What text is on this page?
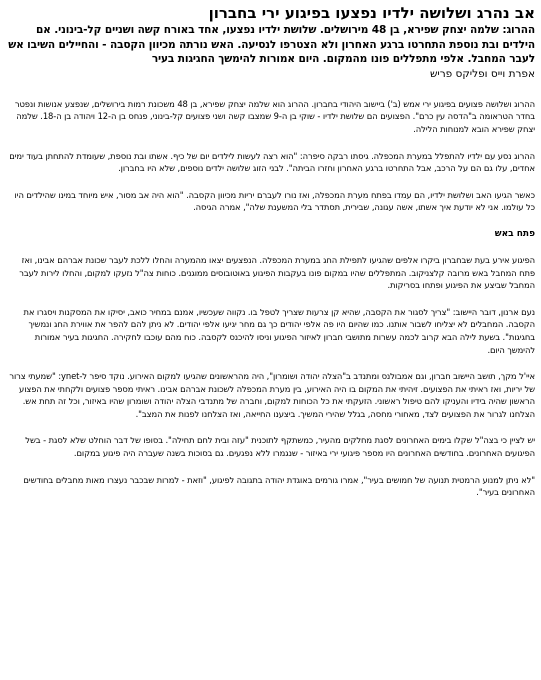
אב נהרג ושלושה ילדיו נפצעו בפיגוע ירי בחברון
ההרוג: שלמה יצחק שפירא, בן 48 מירושלים. שלושת ילדיו נפצעו, אחד באורח קשה ושניים קל-בינוני. אם הילדים ובת נוספת התחרטו ברגע האחרון ולא הצטרפו לנסיעה. האש נורתה מכיוון הקסבה - והחיילים השיבו אש לעבר המחבל. אלפי מתפללים פונו מהמקום. היום אמורות להימשך החגיגות בעיר
אפרת וייס ופליקס פריש

ההרוג ושלושה פצועים בפיגוע ירי אמש (ב') ביישוב היהודי בחברון. ההרוג הוא שלמה יצחק שפירא, בן 48 משכונת רמות בירושלים, שנפצע אנושות ונפטר בחדר הטראומה ב"הדסה עין כרם". הפצועים הם שלושת ילדיו - שוקי בן ה-9 שמצבו קשה ושני פצועים קל-בינוני, פנחס בן ה-12 ויהודה בן ה-18. שלמה יצחק שפירא הובא למנוחות הלילה.

ההרוג נסע עם ילדיו להתפלל במערת המכפלה. גיסתו רבקה סיפרה: "הוא רצה לעשות לילדים יום של כיף. אשתו ובת נוספת, שעומדת להתחתן בעוד ימים אחדים, עלו גם הם על הרכב, אבל התחרטו ברגע האחרון וחזרו הביתה". לבני הזוג שלושה ילדים נוספים, שלא היו בחברון.

כאשר הגיעו האב ושלושת ילדיו, הם עמדו בפתח מערת המכפלה, ואז נורו לעברם יריות מכיוון הקסבה. "הוא היה אב מסור, איש מיוחד במינו שהילדים היו כל עולמו. אני לא יודעת איך אשתו, אשה עגונה, שבירית, תסתדר בלי המשענת שלה", אמרה הגיסה.

פתח באש

הפיגוע אירע בעת שבחברון ביקרו אלפים שהגיעו לתפילת החג במערת המכפלה. הנפצעים יצאו מהמערה והחלו ללכת לעבר שכונת אברהם אבינו, ואז פתח המחבל באש מרובה קלצניקוב. המתפללים שהיו במקום פונו בעקבות הפיגוע באוטובוסים ממוגנים. כוחות צה"ל נזעקו למקום, והחלו לירות לעבר המחבל שביצע את הפיגוע ופתחו בסריקות.

נעם ארנון, דובר היישוב: "צריך לסגור את הקסבה, שהיא קן צרעות שצריך לטפל בו. נקווה שעכשיו, אמנם במחיר כואב, יסיקו את המסקנות ויסגרו את הקסבה. המחבלים לא יצליחו לשבור אותנו. כמו שהיום היו פה אלפי יהודים כך גם מחר יגיעו אלפי יהודים. לא ניתן להם להפר את אווירת החג ונמשיך בחגיגות". בשעת לילה הבא קרוב לכמה עשרות מתושבי חברון לאיזור הפיגוע וניסו להיכנס לקסבה. כוח מהם עוכבו לחקירה. החגיגות בעיר אמורות להימשך היום.

איי'ל מקך, תושב היישוב חברון, וגם אמבולנס ומתנדב ב"הצלה יהודה ושומרון", היה מהראשונים שהגיעו למקום האירוע. נוקד סיפר ל-ynet: "שמעתי צרור של יריות, ואז ראיתי את הפצועים. זיהיתי את המקום בו היה האירוע, בין מערת המכפלה לשכונת אברהם אבינו. ראיתי מספר פצועים ולקחתי את הפצוע הראשון שהיה בידיו והעניקו להם טיפול ראשוני. הזעקתי את כל הכוחות למקום, וחברה של מתנדבי הצלה יהודה ושומרון שהיו באיזור, וכל זה תחת אש. הצלחנו לגרור את הפצועים לצד, מאחורי מחסה, בגלל שהירי המשיך. ביצענו החייאה, ואז הצלחנו לפנות את המצב".

יש לציין כי בצה"ל שקלו בימים האחרונים לסגת מחלקים מהעיר, כמשתקף לתוכנית "עזה ובית לחם תחילה". בסופו של דבר הוחלט שלא לסגת - בשל הפיגועים האחרונים. בחודשים האחרונים היו מספר פיגועי ירי באיזור - שנגמרו ללא נפגעים. גם בסוכות בשנה שעברה היה פיגוע במקום.

"לא ניתן למנוע הרמטית תנועה של חמושים בעיר", אמרו גורמים באוגדת יהודה בתגובה לפיגוע, "וזאת - למרות שבכבר נעצרו מאות מחבלים בחודשים האחרונים בעיר".
